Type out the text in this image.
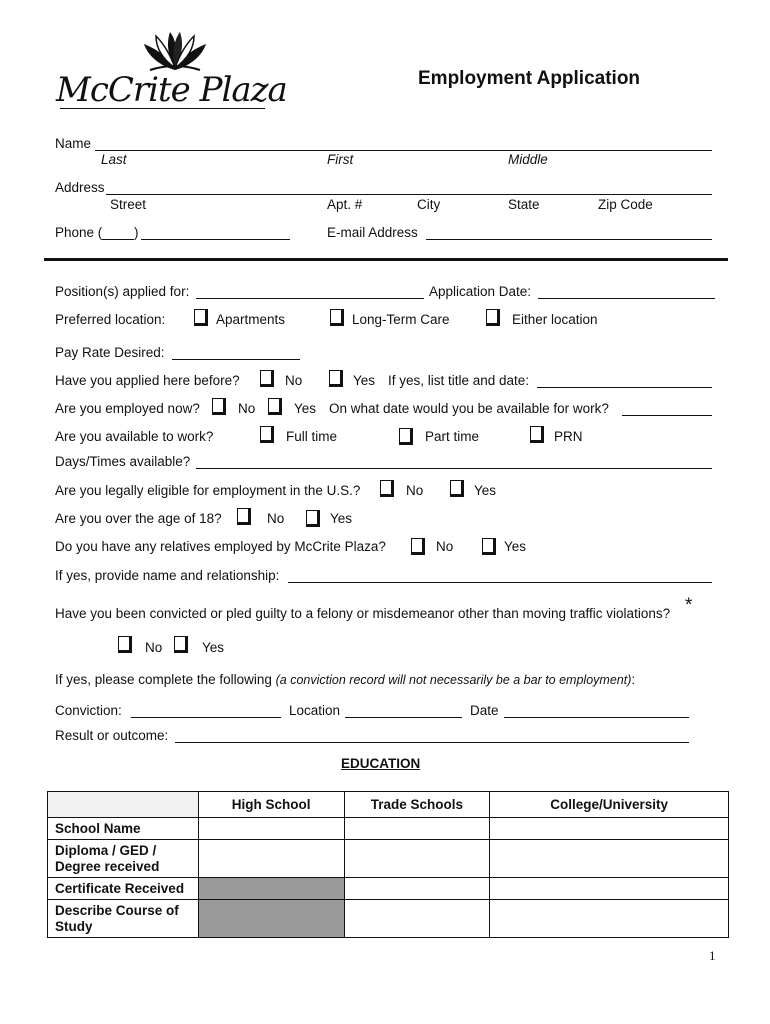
McCrite Plaza	Employment Application
Name
Last	First	Middle
Address
Street	Apt. #	City	State	Zip Code
Phone ( )	E-mail Address
Position(s) applied for:	Application Date:
Preferred location:	Apartments	Long-Term Care	Either location
Pay Rate Desired:
Have you applied here before?	No	Yes If yes, list title and date:
Are you employed now?	No	Yes On what date would you be available for work?
Are you available to work?	Full time	Part time	PRN
Days/Times available?
Are you legally eligible for employment in the U.S.?	No	Yes
Are you over the age of 18?	No	Yes
Do you have any relatives employed by McCrite Plaza?	No	Yes
If yes, provide name and relationship:
Have you been convicted or pled guilty to a felony or misdemeanor other than moving traffic violations? *
No	Yes
If yes, please complete the following (a conviction record will not necessarily be a bar to employment):
Conviction:	Location	Date
Result or outcome:
EDUCATION
	High School	Trade Schools	College/University
School Name			
Diploma / GED / Degree received			
Certificate Received			
Describe Course of Study			
1
